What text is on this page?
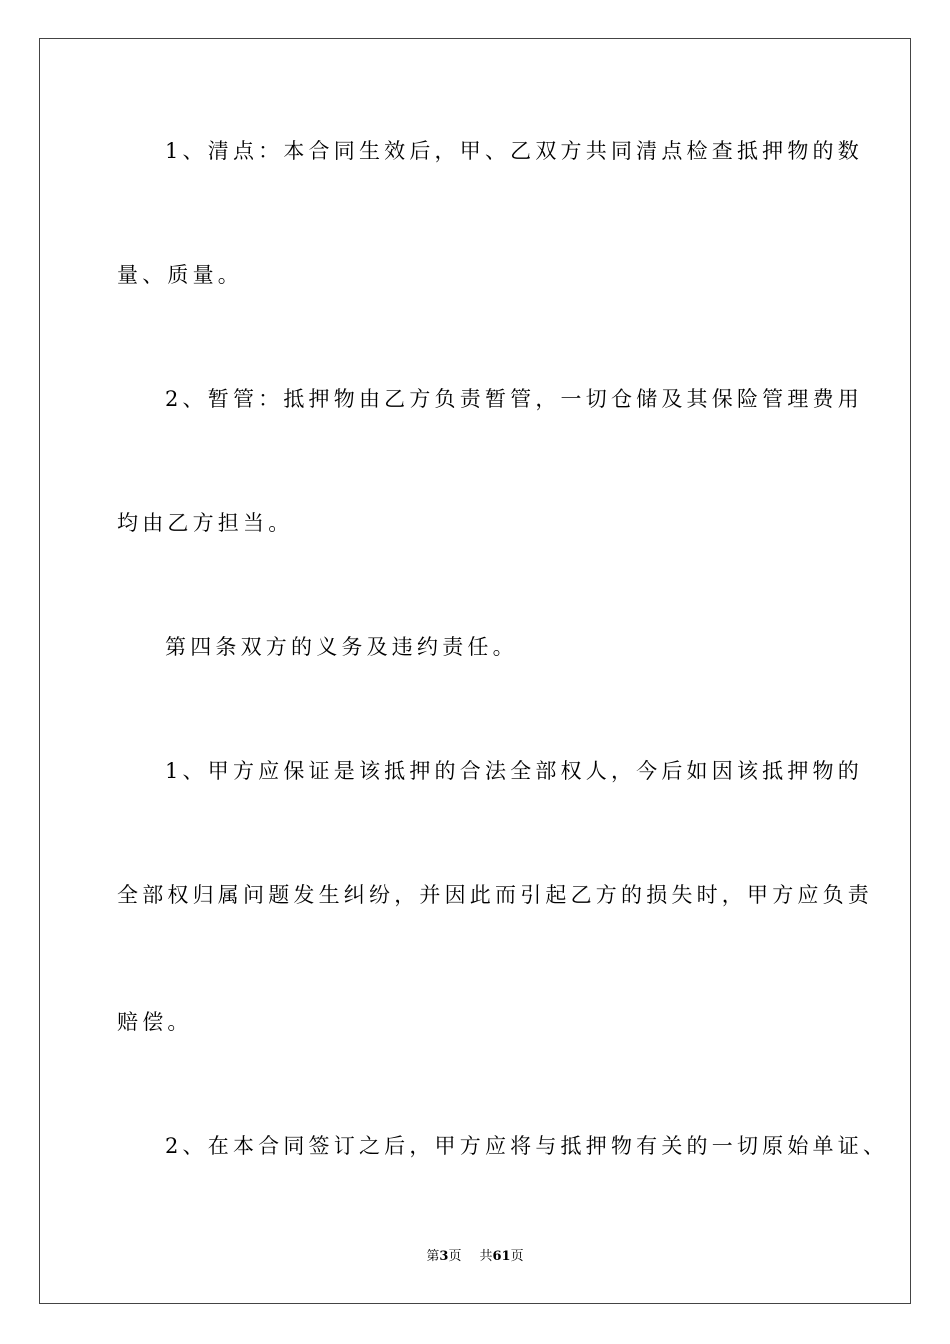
1、清点：本合同生效后，甲、乙双方共同清点检查抵押物的数
量、质量。
2、暂管：抵押物由乙方负责暂管，一切仓储及其保险管理费用
均由乙方担当。
第四条双方的义务及违约责任。
1、甲方应保证是该抵押的合法全部权人，今后如因该抵押物的
全部权归属问题发生纠纷，并因此而引起乙方的损失时，甲方应负责
赔偿。
2、在本合同签订之后，甲方应将与抵押物有关的一切原始单证、
第3页 共61页
